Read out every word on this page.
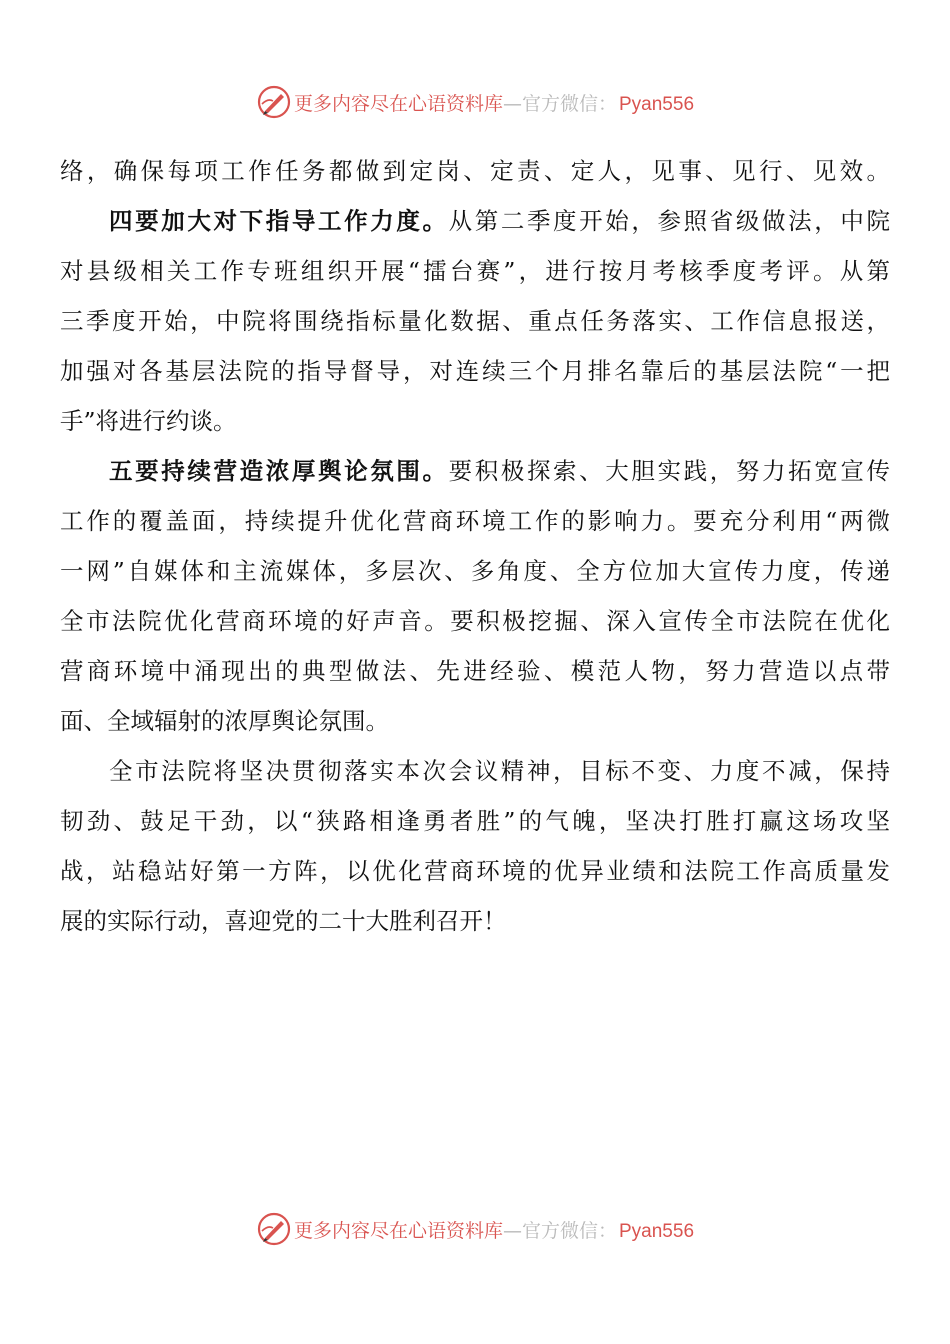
更多内容尽在心语资料库—官方微信： Pyan556

络，确保每项工作任务都做到定岗、定责、定人，见事、见行、见效。

四要加大对下指导工作力度。从第二季度开始，参照省级做法，中院

对县级相关工作专班组织开展“擂台赛”，进行按月考核季度考评。从第

三季度开始，中院将围绕指标量化数据、重点任务落实、工作信息报送，

加强对各基层法院的指导督导，对连续三个月排名靠后的基层法院“一把

手”将进行约谈。

五要持续营造浓厚舆论氛围。要积极探索、大胆实践，努力拓宽宣传

工作的覆盖面，持续提升优化营商环境工作的影响力。要充分利用“两微

一网”自媒体和主流媒体，多层次、多角度、全方位加大宣传力度，传递

全市法院优化营商环境的好声音。要积极挖掘、深入宣传全市法院在优化

营商环境中涌现出的典型做法、先进经验、模范人物，努力营造以点带

面、全域辐射的浓厚舆论氛围。

全市法院将坚决贯彻落实本次会议精神，目标不变、力度不减，保持

韧劲、鼓足干劲，以“狭路相逢勇者胜”的气魄，坚决打胜打赢这场攻坚

战，站稳站好第一方阵，以优化营商环境的优异业绩和法院工作高质量发

展的实际行动，喜迎党的二十大胜利召开！

更多内容尽在心语资料库—官方微信： Pyan556
